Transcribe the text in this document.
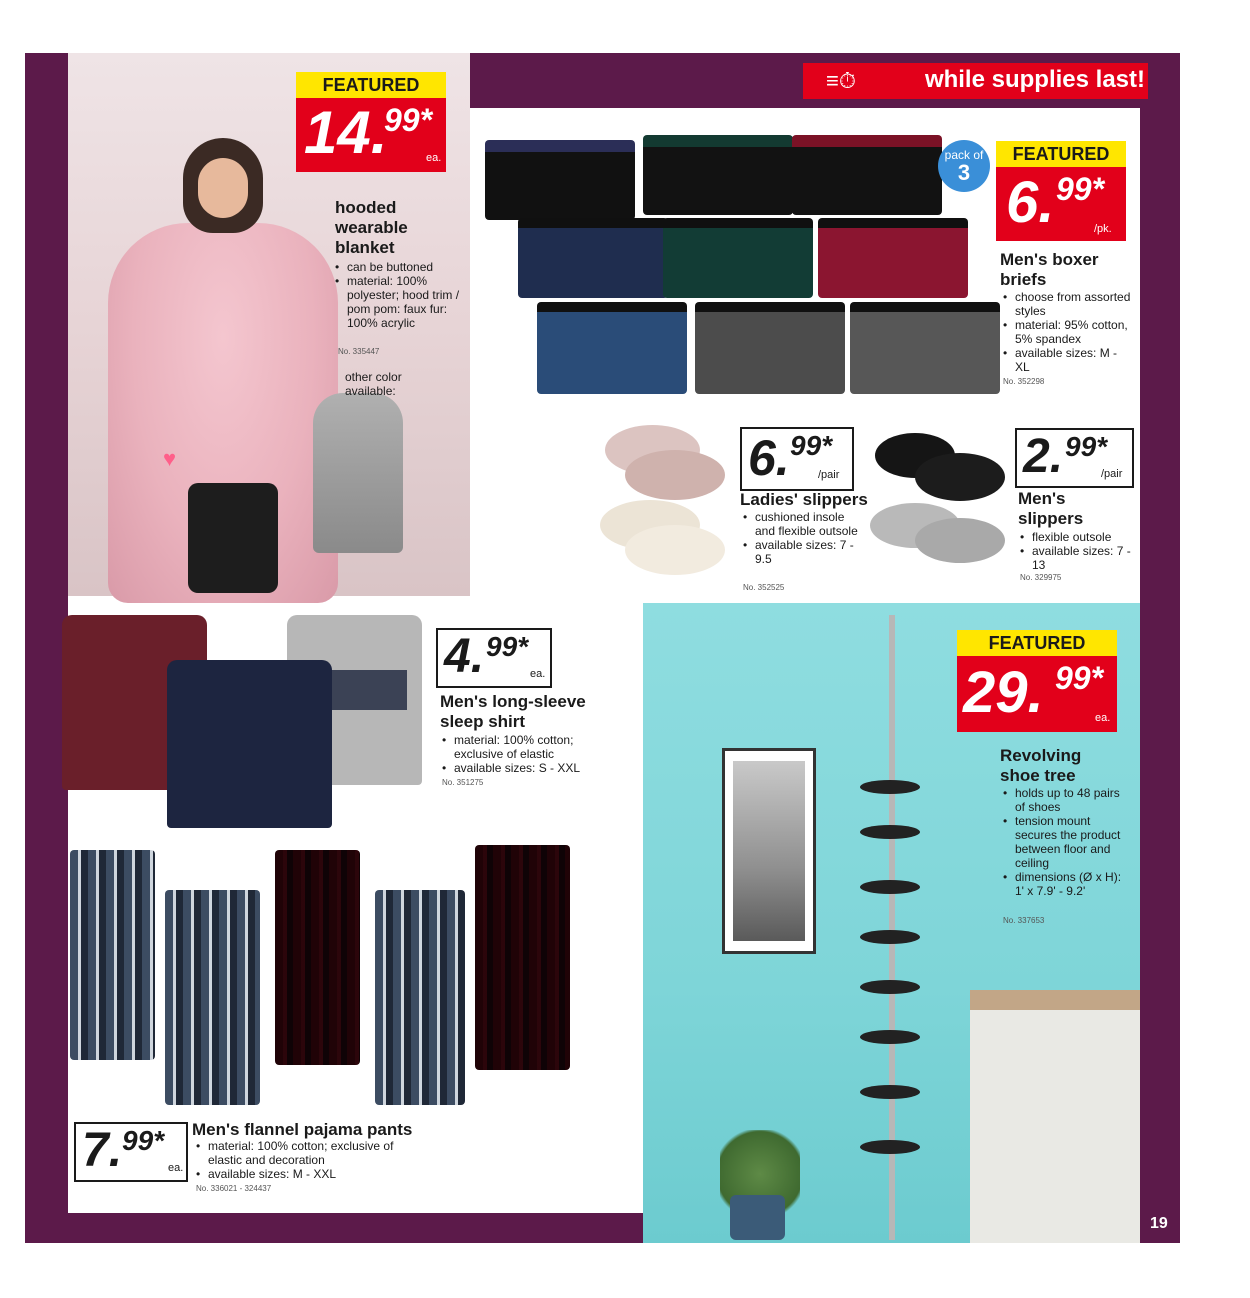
♥
FEATURED
14.
99*
ea.
hooded
wearable
blanket
• can be buttoned
• material: 100% polyester; hood trim / pom pom: faux fur: 100% acrylic
No. 335447
other color available:
≡⏱	while supplies last!
pack of
3
FEATURED
6. 99*
/pk.
Men's boxer
briefs
• choose from assorted styles
• material: 95% cotton, 5% spandex
• available sizes: M - XL
No. 352298
6. 99*
/pair
Ladies' slippers
• cushioned insole and flexible outsole
• available sizes: 7 - 9.5
No. 352525
2. 99*
/pair
Men's
slippers
• flexible outsole
• available sizes: 7 - 13
No. 329975
4. 99*
ea.
Men's long-sleeve
sleep shirt
• material: 100% cotton; exclusive of elastic
• available sizes: S - XXL
No. 351275
7. 99*
ea.
Men's flannel pajama pants
• material: 100% cotton; exclusive of elastic and decoration
• available sizes: M - XXL
No. 336021 - 324437
FEATURED
29. 99*
ea.
Revolving
shoe tree
• holds up to 48 pairs of shoes
• tension mount secures the product between floor and ceiling
• dimensions (Ø x H): 1' x 7.9' - 9.2'
No. 337653
19
